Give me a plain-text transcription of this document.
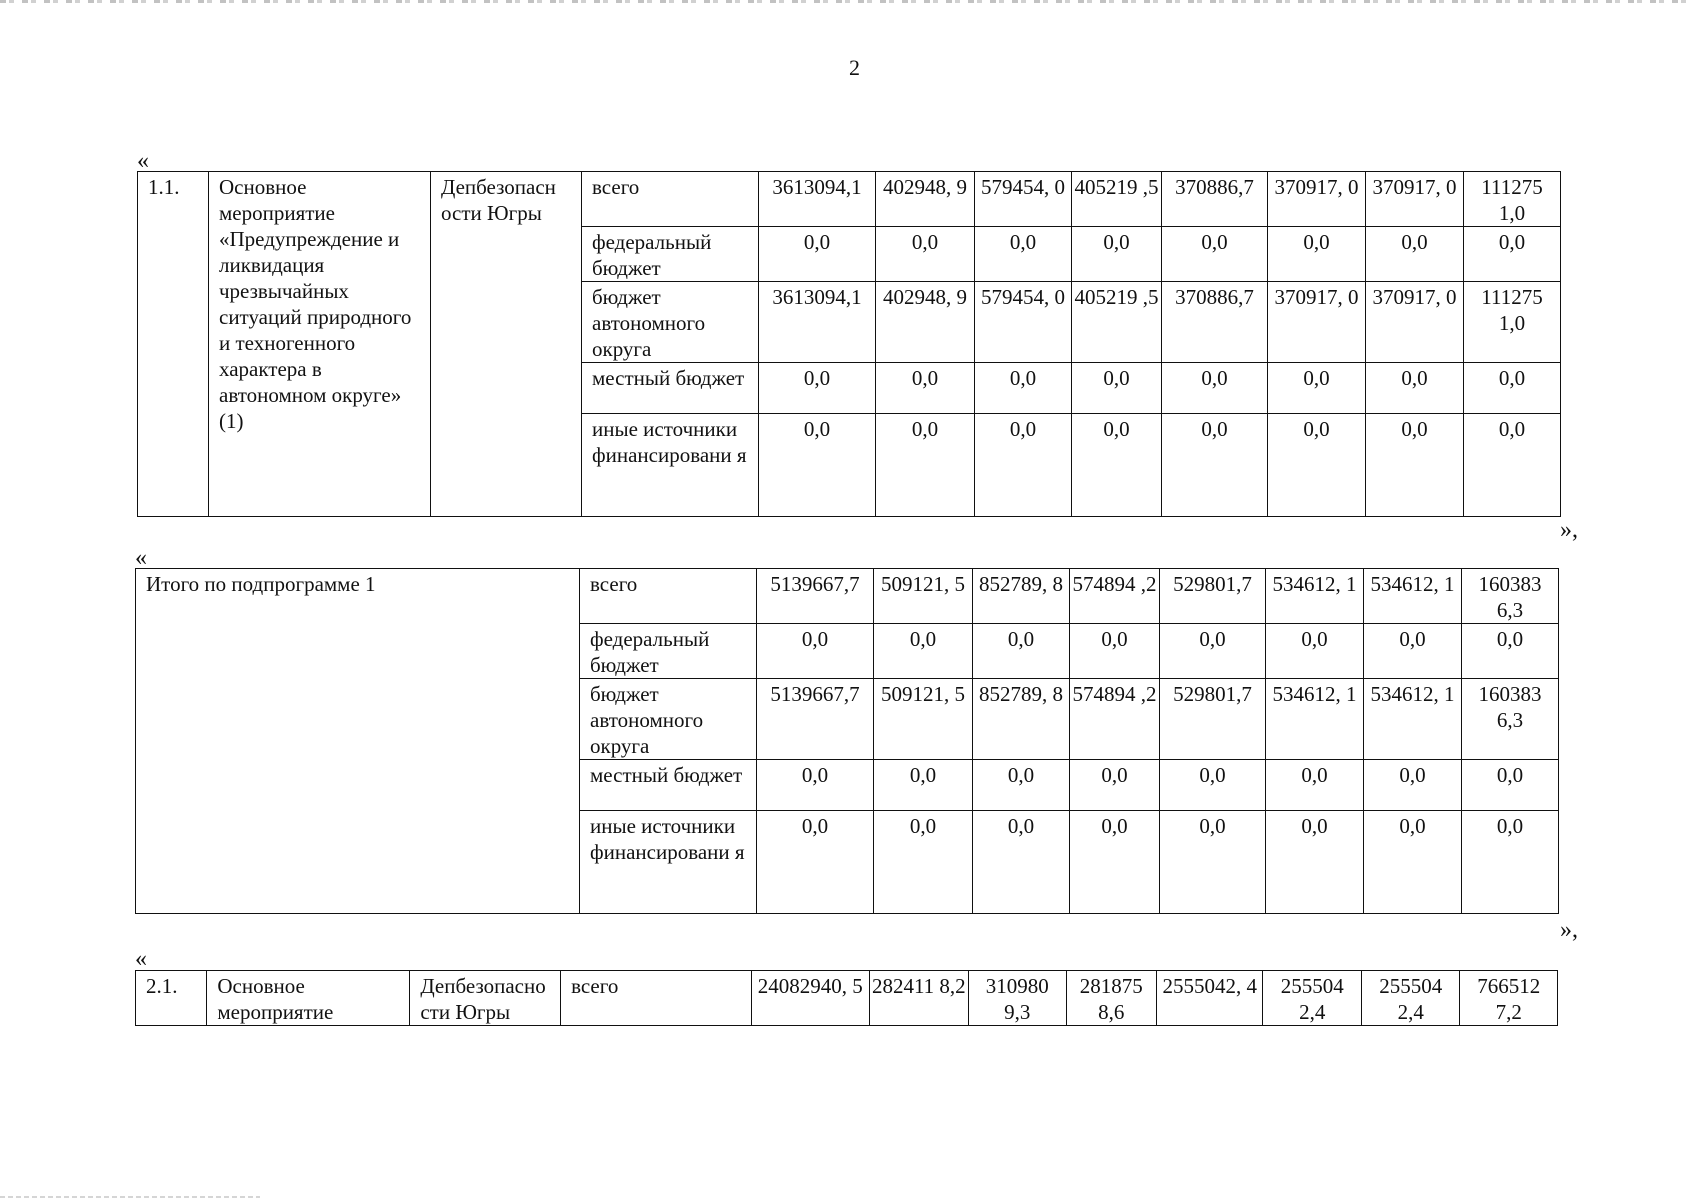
2
«
1.1.	Основное мероприятие «Предупреждение и ликвидация чрезвычайных ситуаций природного и техногенного характера в автономном округе» (1)	Депбезопасн ости Югры	всего	3613094,1	402948, 9	579454, 0	405219 ,5	370886,7	370917, 0	370917, 0	111275 1,0
			федеральный бюджет	0,0	0,0	0,0	0,0	0,0	0,0	0,0	0,0
			бюджет автономного округа	3613094,1	402948, 9	579454, 0	405219 ,5	370886,7	370917, 0	370917, 0	111275 1,0
			местный бюджет	0,0	0,0	0,0	0,0	0,0	0,0	0,0	0,0
			иные источники финансировани я	0,0	0,0	0,0	0,0	0,0	0,0	0,0	0,0
»,
«
Итого по подпрограмме 1	всего	5139667,7	509121, 5	852789, 8	574894 ,2	529801,7	534612, 1	534612, 1	160383 6,3
	федеральный бюджет	0,0	0,0	0,0	0,0	0,0	0,0	0,0	0,0
	бюджет автономного округа	5139667,7	509121, 5	852789, 8	574894 ,2	529801,7	534612, 1	534612, 1	160383 6,3
	местный бюджет	0,0	0,0	0,0	0,0	0,0	0,0	0,0	0,0
	иные источники финансировани я	0,0	0,0	0,0	0,0	0,0	0,0	0,0	0,0
»,
«
2.1.	Основное мероприятие	Депбезопасно сти Югры	всего	24082940, 5	282411 8,2	310980 9,3	281875 8,6	2555042, 4	255504 2,4	255504 2,4	766512 7,2
